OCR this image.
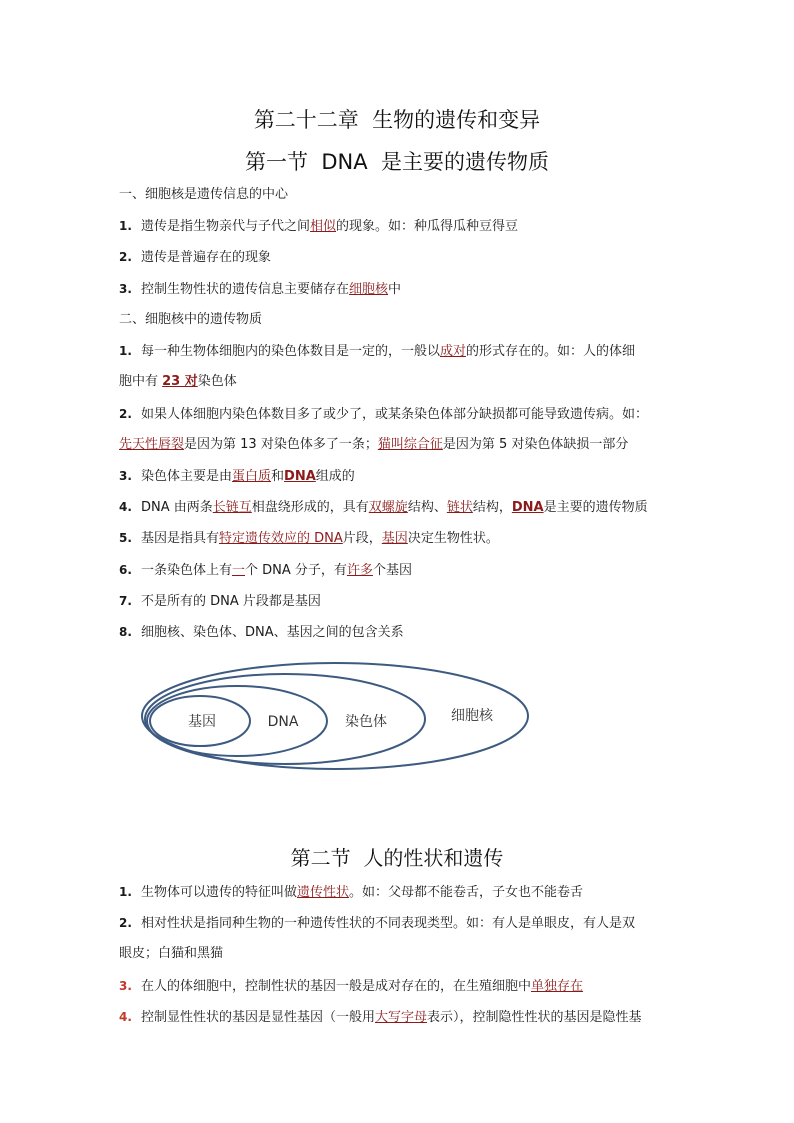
第二十二章  生物的遗传和变异
第一节  DNA  是主要的遗传物质
一、细胞核是遗传信息的中心
1. 遗传是指生物亲代与子代之间相似的现象。如：种瓜得瓜种豆得豆
2. 遗传是普遍存在的现象
3. 控制生物性状的遗传信息主要储存在细胞核中
二、细胞核中的遗传物质
1. 每一种生物体细胞内的染色体数目是一定的，一般以成对的形式存在的。如：人的体细
胞中有 23 对染色体
2. 如果人体细胞内染色体数目多了或少了，或某条染色体部分缺损都可能导致遗传病。如：
先天性唇裂是因为第 13 对染色体多了一条；猫叫综合征是因为第 5 对染色体缺损一部分
3. 染色体主要是由蛋白质和DNA组成的
4. DNA 由两条长链互相盘绕形成的，具有双螺旋结构、链状结构，DNA是主要的遗传物质
5. 基因是指具有特定遗传效应的 DNA片段，基因决定生物性状。
6. 一条染色体上有一个 DNA 分子，有许多个基因
7. 不是所有的 DNA 片段都是基因
8. 细胞核、染色体、DNA、基因之间的包含关系
基因	DNA	染色体	细胞核
第二节  人的性状和遗传
1. 生物体可以遗传的特征叫做遗传性状。如：父母都不能卷舌，子女也不能卷舌
2. 相对性状是指同种生物的一种遗传性状的不同表现类型。如：有人是单眼皮，有人是双
眼皮；白猫和黑猫
3. 在人的体细胞中，控制性状的基因一般是成对存在的，在生殖细胞中单独存在
4. 控制显性性状的基因是显性基因（一般用大写字母表示），控制隐性性状的基因是隐性基
